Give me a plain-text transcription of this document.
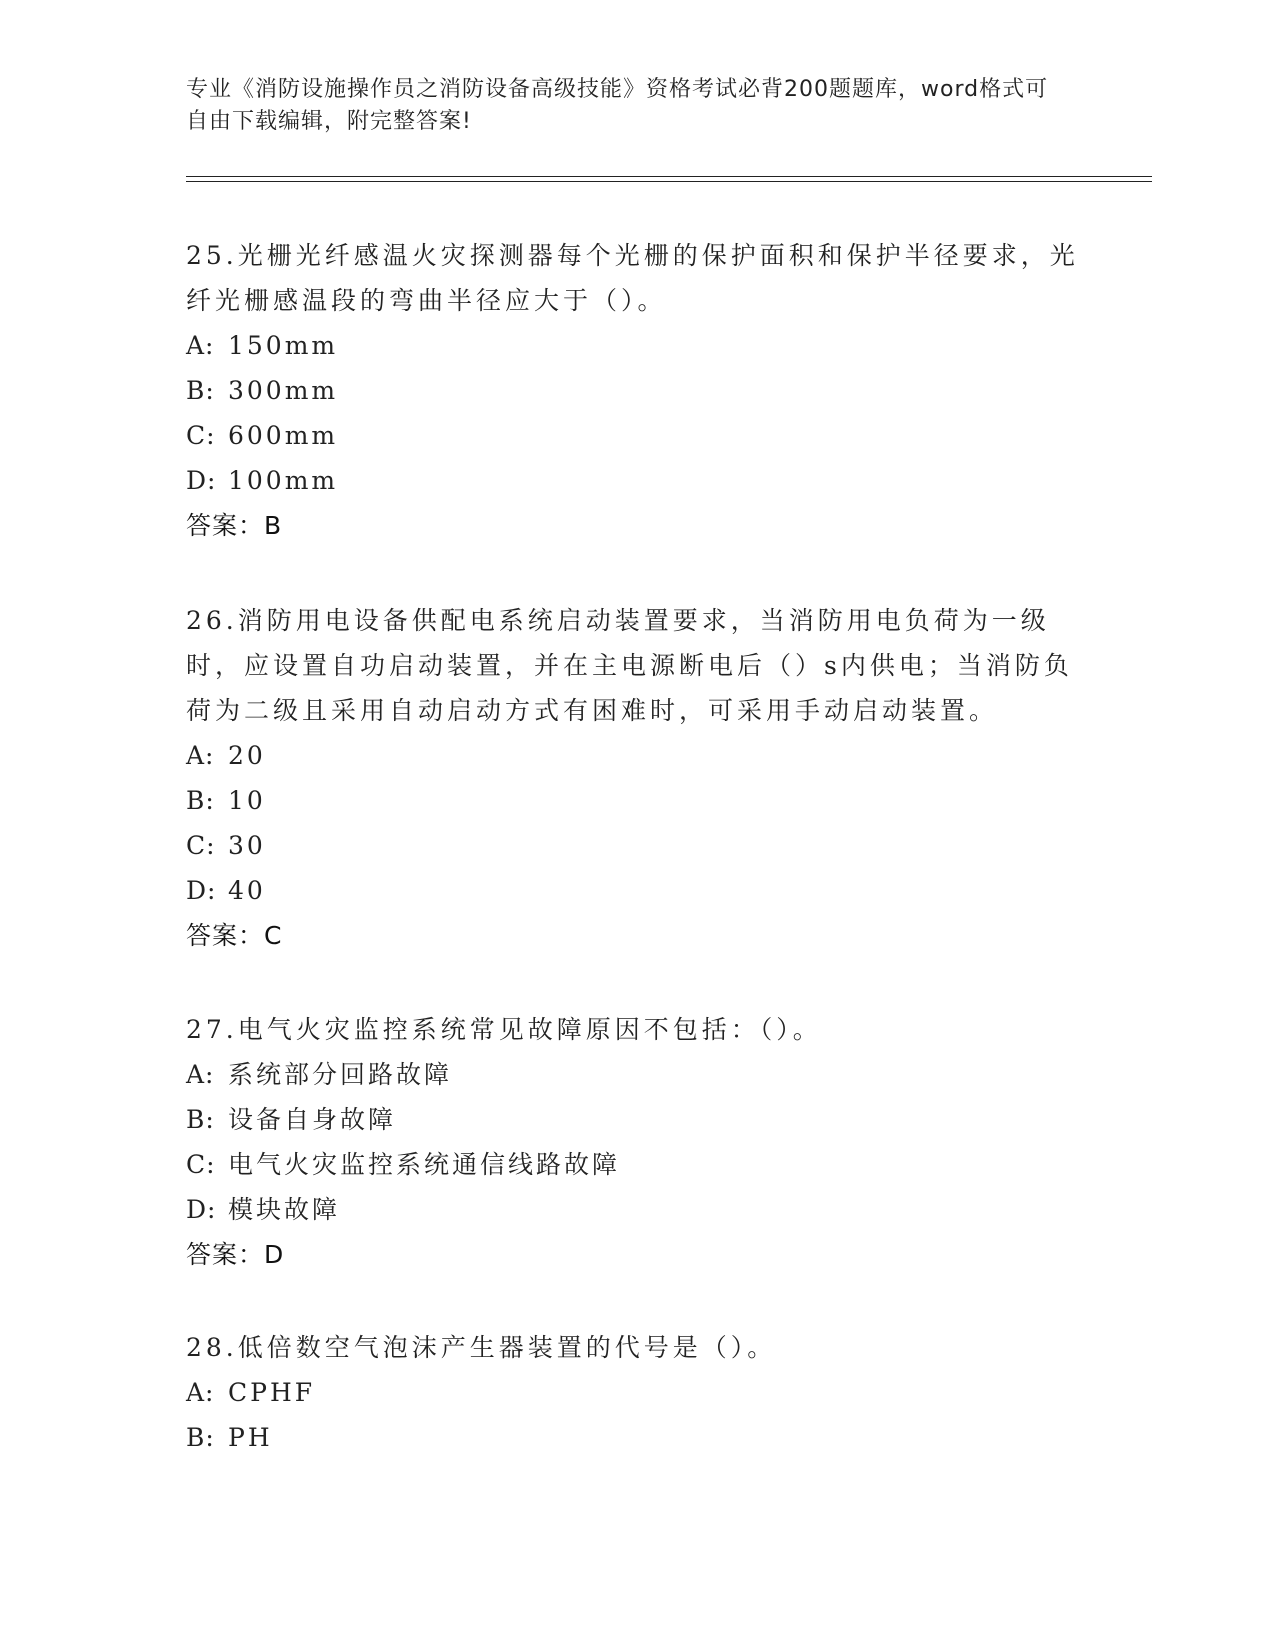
专业《消防设施操作员之消防设备高级技能》资格考试必背200题题库，word格式可自由下载编辑，附完整答案!
25.光栅光纤感温火灾探测器每个光栅的保护面积和保护半径要求，光纤光栅感温段的弯曲半径应大于（）。
A: 150mm
B: 300mm
C: 600mm
D: 100mm
答案：B
26.消防用电设备供配电系统启动装置要求，当消防用电负荷为一级时，应设置自功启动装置，并在主电源断电后（）s内供电；当消防负荷为二级且采用自动启动方式有困难时，可采用手动启动装置。
A: 20
B: 10
C: 30
D: 40
答案：C
27.电气火灾监控系统常见故障原因不包括：（）。
A: 系统部分回路故障
B: 设备自身故障
C: 电气火灾监控系统通信线路故障
D: 模块故障
答案：D
28.低倍数空气泡沫产生器装置的代号是（）。
A: CPHF
B: PH
